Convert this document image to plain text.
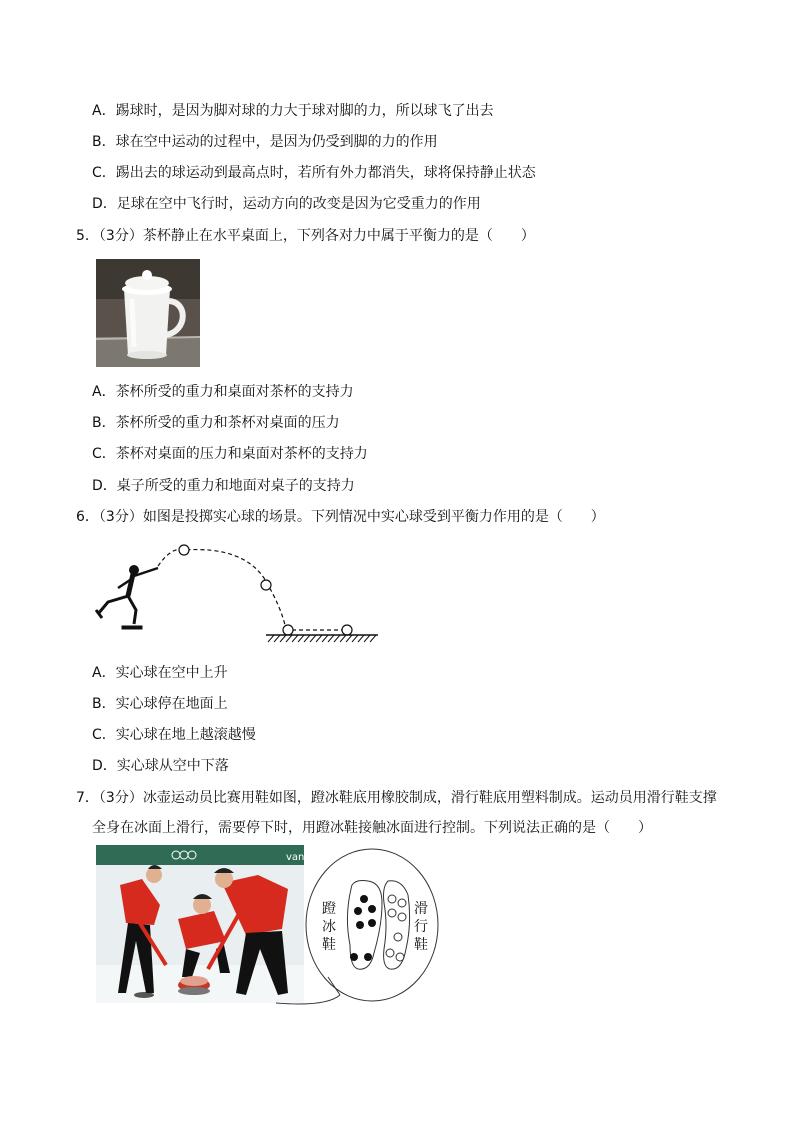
A．踢球时，是因为脚对球的力大于球对脚的力，所以球飞了出去
B．球在空中运动的过程中，是因为仍受到脚的力的作用
C．踢出去的球运动到最高点时，若所有外力都消失，球将保持静止状态
D．足球在空中飞行时，运动方向的改变是因为它受重力的作用
5．（3分）茶杯静止在水平桌面上，下列各对力中属于平衡力的是（　　）
A．茶杯所受的重力和桌面对茶杯的支持力
B．茶杯所受的重力和茶杯对桌面的压力
C．茶杯对桌面的压力和桌面对茶杯的支持力
D．桌子所受的重力和地面对桌子的支持力
6．（3分）如图是投掷实心球的场景。下列情况中实心球受到平衡力作用的是（　　）
A．实心球在空中上升
B．实心球停在地面上
C．实心球在地上越滚越慢
D．实心球从空中下落
7．（3分）冰壶运动员比赛用鞋如图，蹬冰鞋底用橡胶制成，滑行鞋底用塑料制成。运动员用滑行鞋支撑
全身在冰面上滑行，需要停下时，用蹬冰鞋接触冰面进行控制。下列说法正确的是（　　）
van
蹬
冰
鞋
滑
行
鞋
